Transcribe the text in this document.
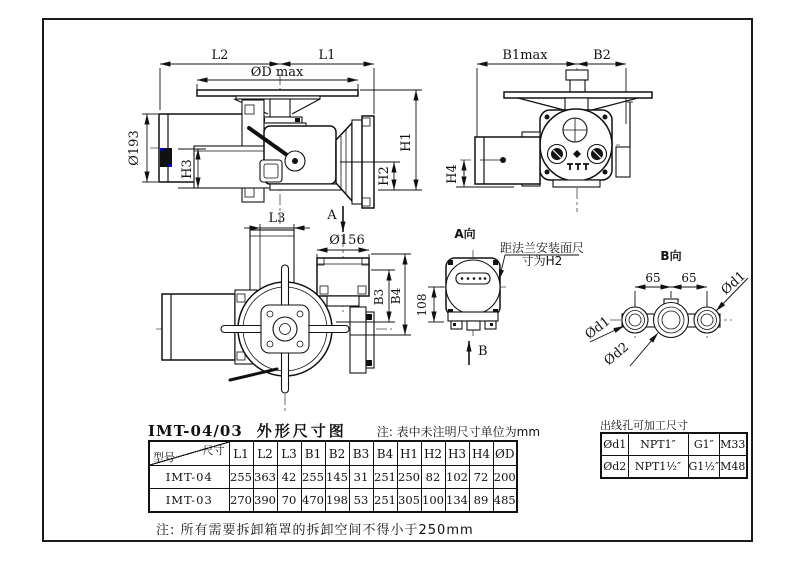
L2	L1
ØD max
H1
H2
H3
Ø193
B1max	B2
H4
L3	A
Ø156
B3 B4
A向
距法兰安装面尺
寸为H2
108
B
B向
65 65 Ød1
Ød1
Ød2
IMT-04/03 外形尺寸图	注: 表中未注明尺寸单位为mm
尺寸
型号	L1	L2	L3	B1	B2	B3	B4	H1	H2	H3	H4	ØD
IMT-04	255	363	42	255	145	31	251	250	82	102	72	200
IMT-03	270	390	70	470	198	53	251	305	100	134	89	485
出线孔可加工尺寸
Ød1	NPT1″	G1″	M33
Ød2	NPT1½″	G1½″	M48
注: 所有需要拆卸箱罩的拆卸空间不得小于250mm
